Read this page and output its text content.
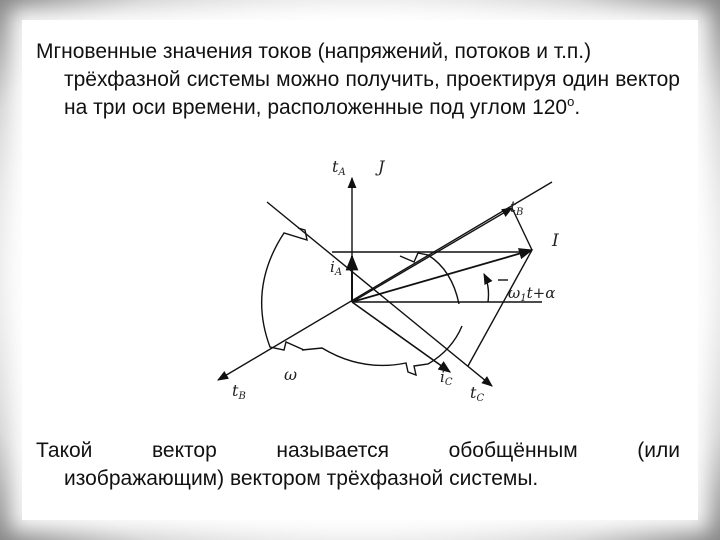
Мгновенные значения токов (напряжений, потоков и т.п.)
трёхфазной системы можно получить, проектируя один вектор на три оси времени, расположенные под углом $120^о$.
tA J
$t_B$
I
$i_A$
$\omega_1t+\alpha$
ω	$i_C$
tB	tC
Такой вектор называется обобщённым (или
изображающим) вектором трёхфазной системы.
